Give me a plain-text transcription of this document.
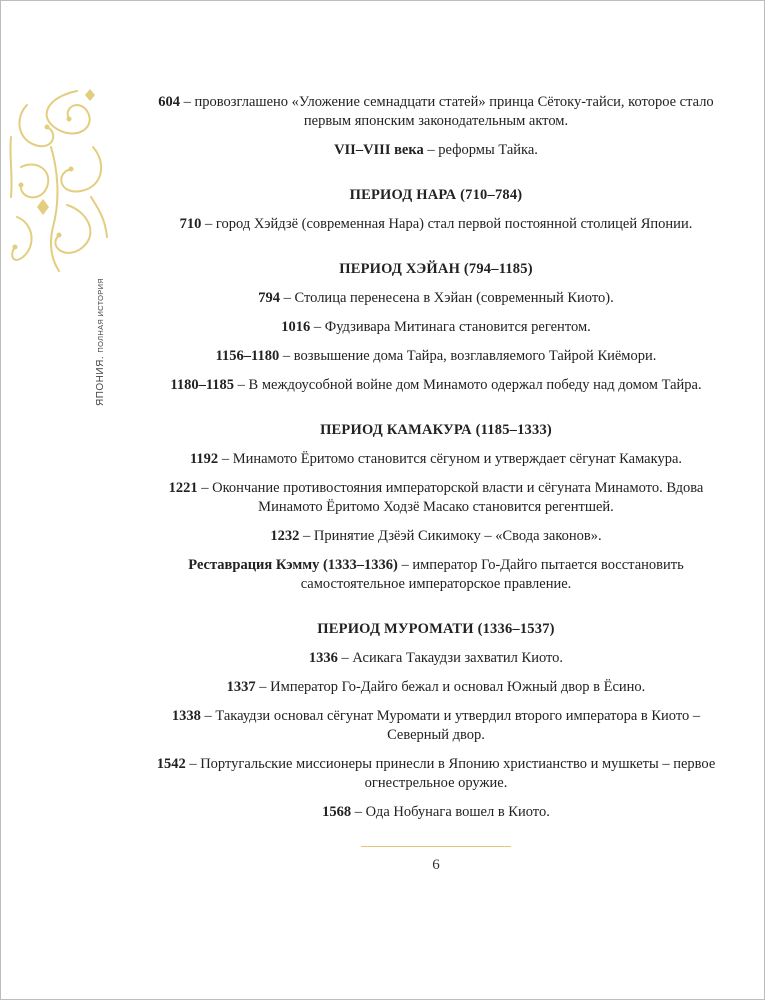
ЯПОНИЯ. ПОЛНАЯ ИСТОРИЯ

604 – провозглашено «Уложение семнадцати статей» принца Сётоку-тайси, которое стало первым японским законодательным актом.

VII–VIII века – реформы Тайка.

ПЕРИОД НАРА (710–784)

710 – город Хэйдзё (современная Нара) стал первой постоянной столицей Японии.

ПЕРИОД ХЭЙАН (794–1185)

794 – Столица перенесена в Хэйан (современный Киото).

1016 – Фудзивара Митинага становится регентом.

1156–1180 – возвышение дома Тайра, возглавляемого Тайрой Киёмори.

1180–1185 – В междоусобной войне дом Минамото одержал победу над домом Тайра.

ПЕРИОД КАМАКУРА (1185–1333)

1192 – Минамото Ёритомо становится сёгуном и утверждает сёгунат Камакура.

1221 – Окончание противостояния императорской власти и сёгуната Минамото. Вдова Минамото Ёритомо Ходзё Масако становится регентшей.

1232 – Принятие Дзёэй Сикимоку – «Свода законов».

Реставрация Кэмму (1333–1336) – император Го-Дайго пытается восстановить самостоятельное императорское правление.

ПЕРИОД МУРОМАТИ (1336–1537)

1336 – Асикага Такаудзи захватил Киото.

1337 – Император Го-Дайго бежал и основал Южный двор в Ёсино.

1338 – Такаудзи основал сёгунат Муромати и утвердил второго императора в Киото – Северный двор.

1542 – Португальские миссионеры принесли в Японию христианство и мушкеты – первое огнестрельное оружие.

1568 – Ода Нобунага вошел в Киото.

6
